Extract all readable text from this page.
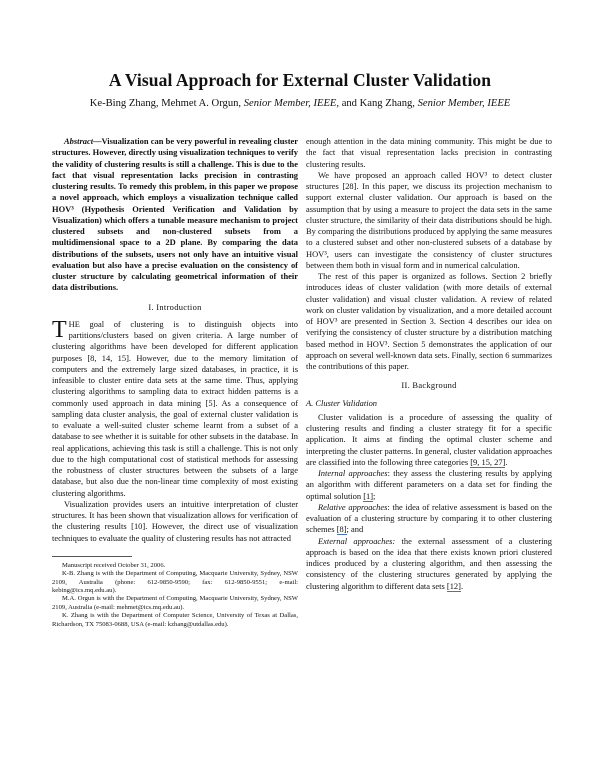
A Visual Approach for External Cluster Validation
Ke-Bing Zhang, Mehmet A. Orgun, Senior Member, IEEE, and Kang Zhang, Senior Member, IEEE

Abstract—Visualization can be very powerful in revealing cluster structures. However, directly using visualization techniques to verify the validity of clustering results is still a challenge. This is due to the fact that visual representation lacks precision in contrasting clustering results. To remedy this problem, in this paper we propose a novel approach, which employs a visualization technique called HOV³ (Hypothesis Oriented Verification and Validation by Visualization) which offers a tunable measure mechanism to project clustered subsets and non-clustered subsets from a multidimensional space to a 2D plane. By comparing the data distributions of the subsets, users not only have an intuitive visual evaluation but also have a precise evaluation on the consistency of cluster structure by calculating geometrical information of their data distributions.

I. Introduction

THE goal of clustering is to distinguish objects into partitions/clusters based on given criteria. A large number of clustering algorithms have been developed for different application purposes [8, 14, 15]. However, due to the memory limitation of computers and the extremely large sized databases, in practice, it is infeasible to cluster entire data sets at the same time. Thus, applying clustering algorithms to sampling data to extract hidden patterns is a commonly used approach in data mining [5]. As a consequence of sampling data cluster analysis, the goal of external cluster validation is to evaluate a well-suited cluster scheme learnt from a subset of a database to see whether it is suitable for other subsets in the database. In real applications, achieving this task is still a challenge. This is not only due to the high computational cost of statistical methods for assessing the robustness of cluster structures between the subsets of a large database, but also due the non-linear time complexity of most existing clustering algorithms.

Visualization provides users an intuitive interpretation of cluster structures. It has been shown that visualization allows for verification of the clustering results [10]. However, the direct use of visualization techniques to evaluate the quality of clustering results has not attracted

Manuscript received October 31, 2006.

K-B. Zhang is with the Department of Computing, Macquarie University, Sydney, NSW 2109, Australia (phone: 612-9850-9590; fax: 612-9850-9551; e-mail: kebing@ics.mq.edu.au).

M.A. Orgun is with the Department of Computing, Macquarie University, Sydney, NSW 2109, Australia (e-mail: mehmet@ics.mq.edu.au).

K. Zhang is with the Department of Computer Science, University of Texas at Dallas, Richardson, TX 75083-0688, USA (e-mail: kzhang@utdallas.edu).

enough attention in the data mining community. This might be due to the fact that visual representation lacks precision in contrasting clustering results.

We have proposed an approach called HOV³ to detect cluster structures [28]. In this paper, we discuss its projection mechanism to support external cluster validation. Our approach is based on the assumption that by using a measure to project the data sets in the same cluster structure, the similarity of their data distributions should be high. By comparing the distributions produced by applying the same measures to a clustered subset and other non-clustered subsets of a database by HOV³, users can investigate the consistency of cluster structures between them both in visual form and in numerical calculation.

The rest of this paper is organized as follows. Section 2 briefly introduces ideas of cluster validation (with more details of external cluster validation) and visual cluster validation. A review of related work on cluster validation by visualization, and a more detailed account of HOV³ are presented in Section 3. Section 4 describes our idea on verifying the consistency of cluster structure by a distribution matching based method in HOV³. Section 5 demonstrates the application of our approach on several well-known data sets. Finally, section 6 summarizes the contributions of this paper.

II. Background
A. Cluster Validation

Cluster validation is a procedure of assessing the quality of clustering results and finding a cluster strategy fit for a specific application. It aims at finding the optimal cluster scheme and interpreting the cluster patterns. In general, cluster validation approaches are classified into the following three categories [9, 15, 27].

Internal approaches: they assess the clustering results by applying an algorithm with different parameters on a data set for finding the optimal solution [1];

Relative approaches: the idea of relative assessment is based on the evaluation of a clustering structure by comparing it to other clustering schemes [8]; and

External approaches: the external assessment of a clustering approach is based on the idea that there exists known priori clustered indices produced by a clustering algorithm, and then assessing the consistency of the clustering structures generated by applying the clustering algorithm to different data sets [12].
